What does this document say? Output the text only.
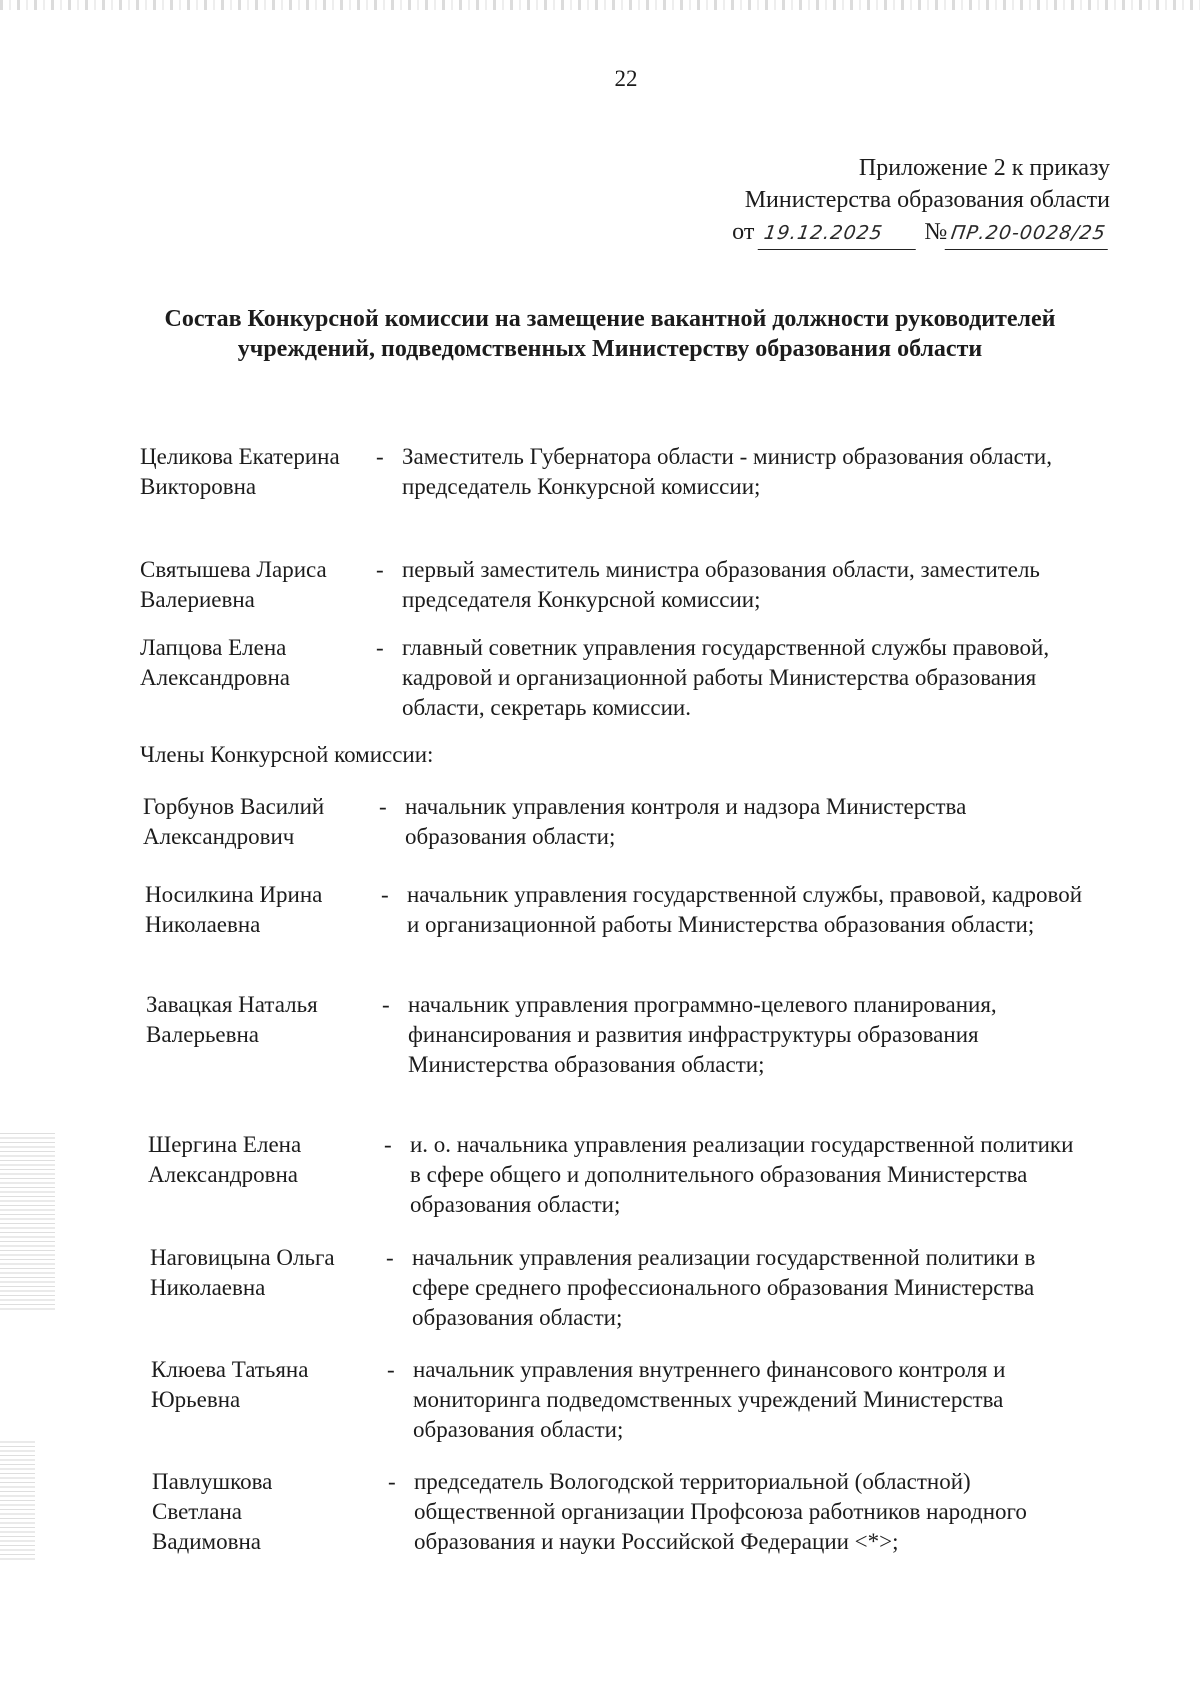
22
Приложение 2 к приказу
Министерства образования области
от 19.12.2025 № ПР.20-0028/25
Состав Конкурсной комиссии на замещение вакантной должности руководителей учреждений, подведомственных Министерству образования области
Целикова Екатерина Викторовна
- Заместитель Губернатора области - министр образования области, председатель Конкурсной комиссии;
Святышева Лариса Валериевна
- первый заместитель министра образования области, заместитель председателя Конкурсной комиссии;
Лапцова Елена Александровна
- главный советник управления государственной службы правовой, кадровой и организационной работы Министерства образования области, секретарь комиссии.
Члены Конкурсной комиссии:
Горбунов Василий Александрович
- начальник управления контроля и надзора Министерства образования области;
Носилкина Ирина Николаевна
- начальник управления государственной службы, правовой, кадровой и организационной работы Министерства образования области;
Завацкая Наталья Валерьевна
- начальник управления программно-целевого планирования, финансирования и развития инфраструктуры образования Министерства образования области;
Шергина Елена Александровна
- и. о. начальника управления реализации государственной политики в сфере общего и дополнительного образования Министерства образования области;
Наговицына Ольга Николаевна
- начальник управления реализации государственной политики в сфере среднего профессионального образования Министерства образования области;
Клюева Татьяна Юрьевна
- начальник управления внутреннего финансового контроля и мониторинга подведомственных учреждений Министерства образования области;
Павлушкова Светлана Вадимовна
- председатель Вологодской территориальной (областной) общественной организации Профсоюза работников народного образования и науки Российской Федерации <*>;
